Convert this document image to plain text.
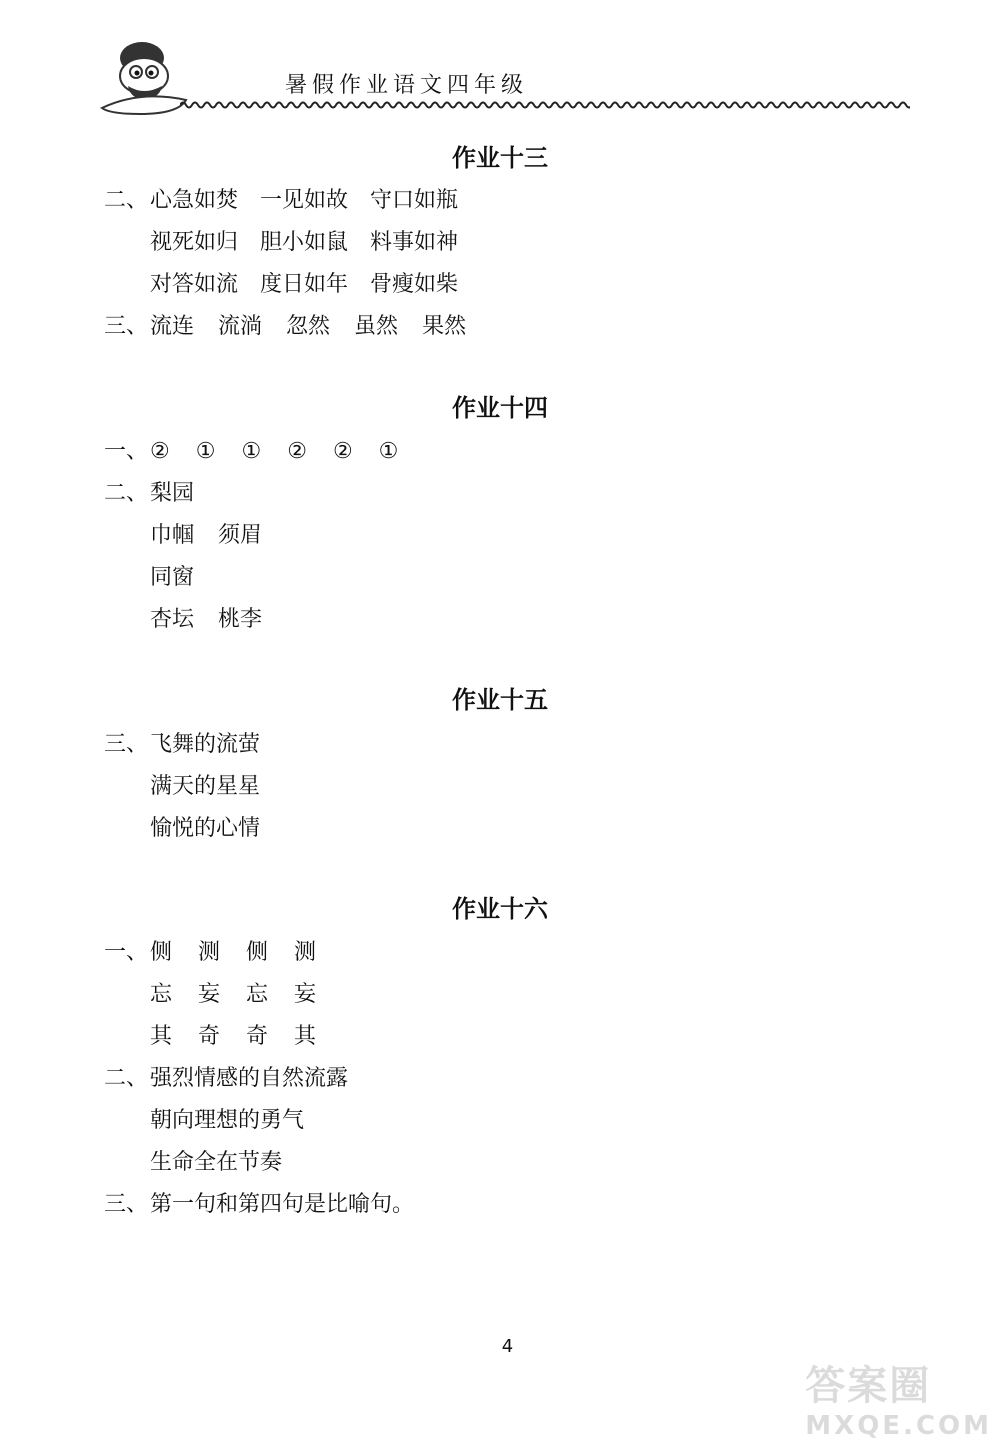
暑假作业语文四年级
作业十三
二、 心急如焚 一见如故 守口如瓶
视死如归 胆小如鼠 料事如神
对答如流 度日如年 骨瘦如柴
三、 流连 流淌 忽然 虽然 果然
作业十四
一、 ② ① ① ② ② ①
二、 梨园
巾帼 须眉
同窗
杏坛 桃李
作业十五
三、 飞舞的流萤
满天的星星
愉悦的心情
作业十六
一、 侧 测 侧 测
忘 妄 忘 妄
其 奇 奇 其
二、 强烈情感的自然流露
朝向理想的勇气
生命全在节奏
三、 第一句和第四句是比喻句。
4
答案圈
MXQE.COM
